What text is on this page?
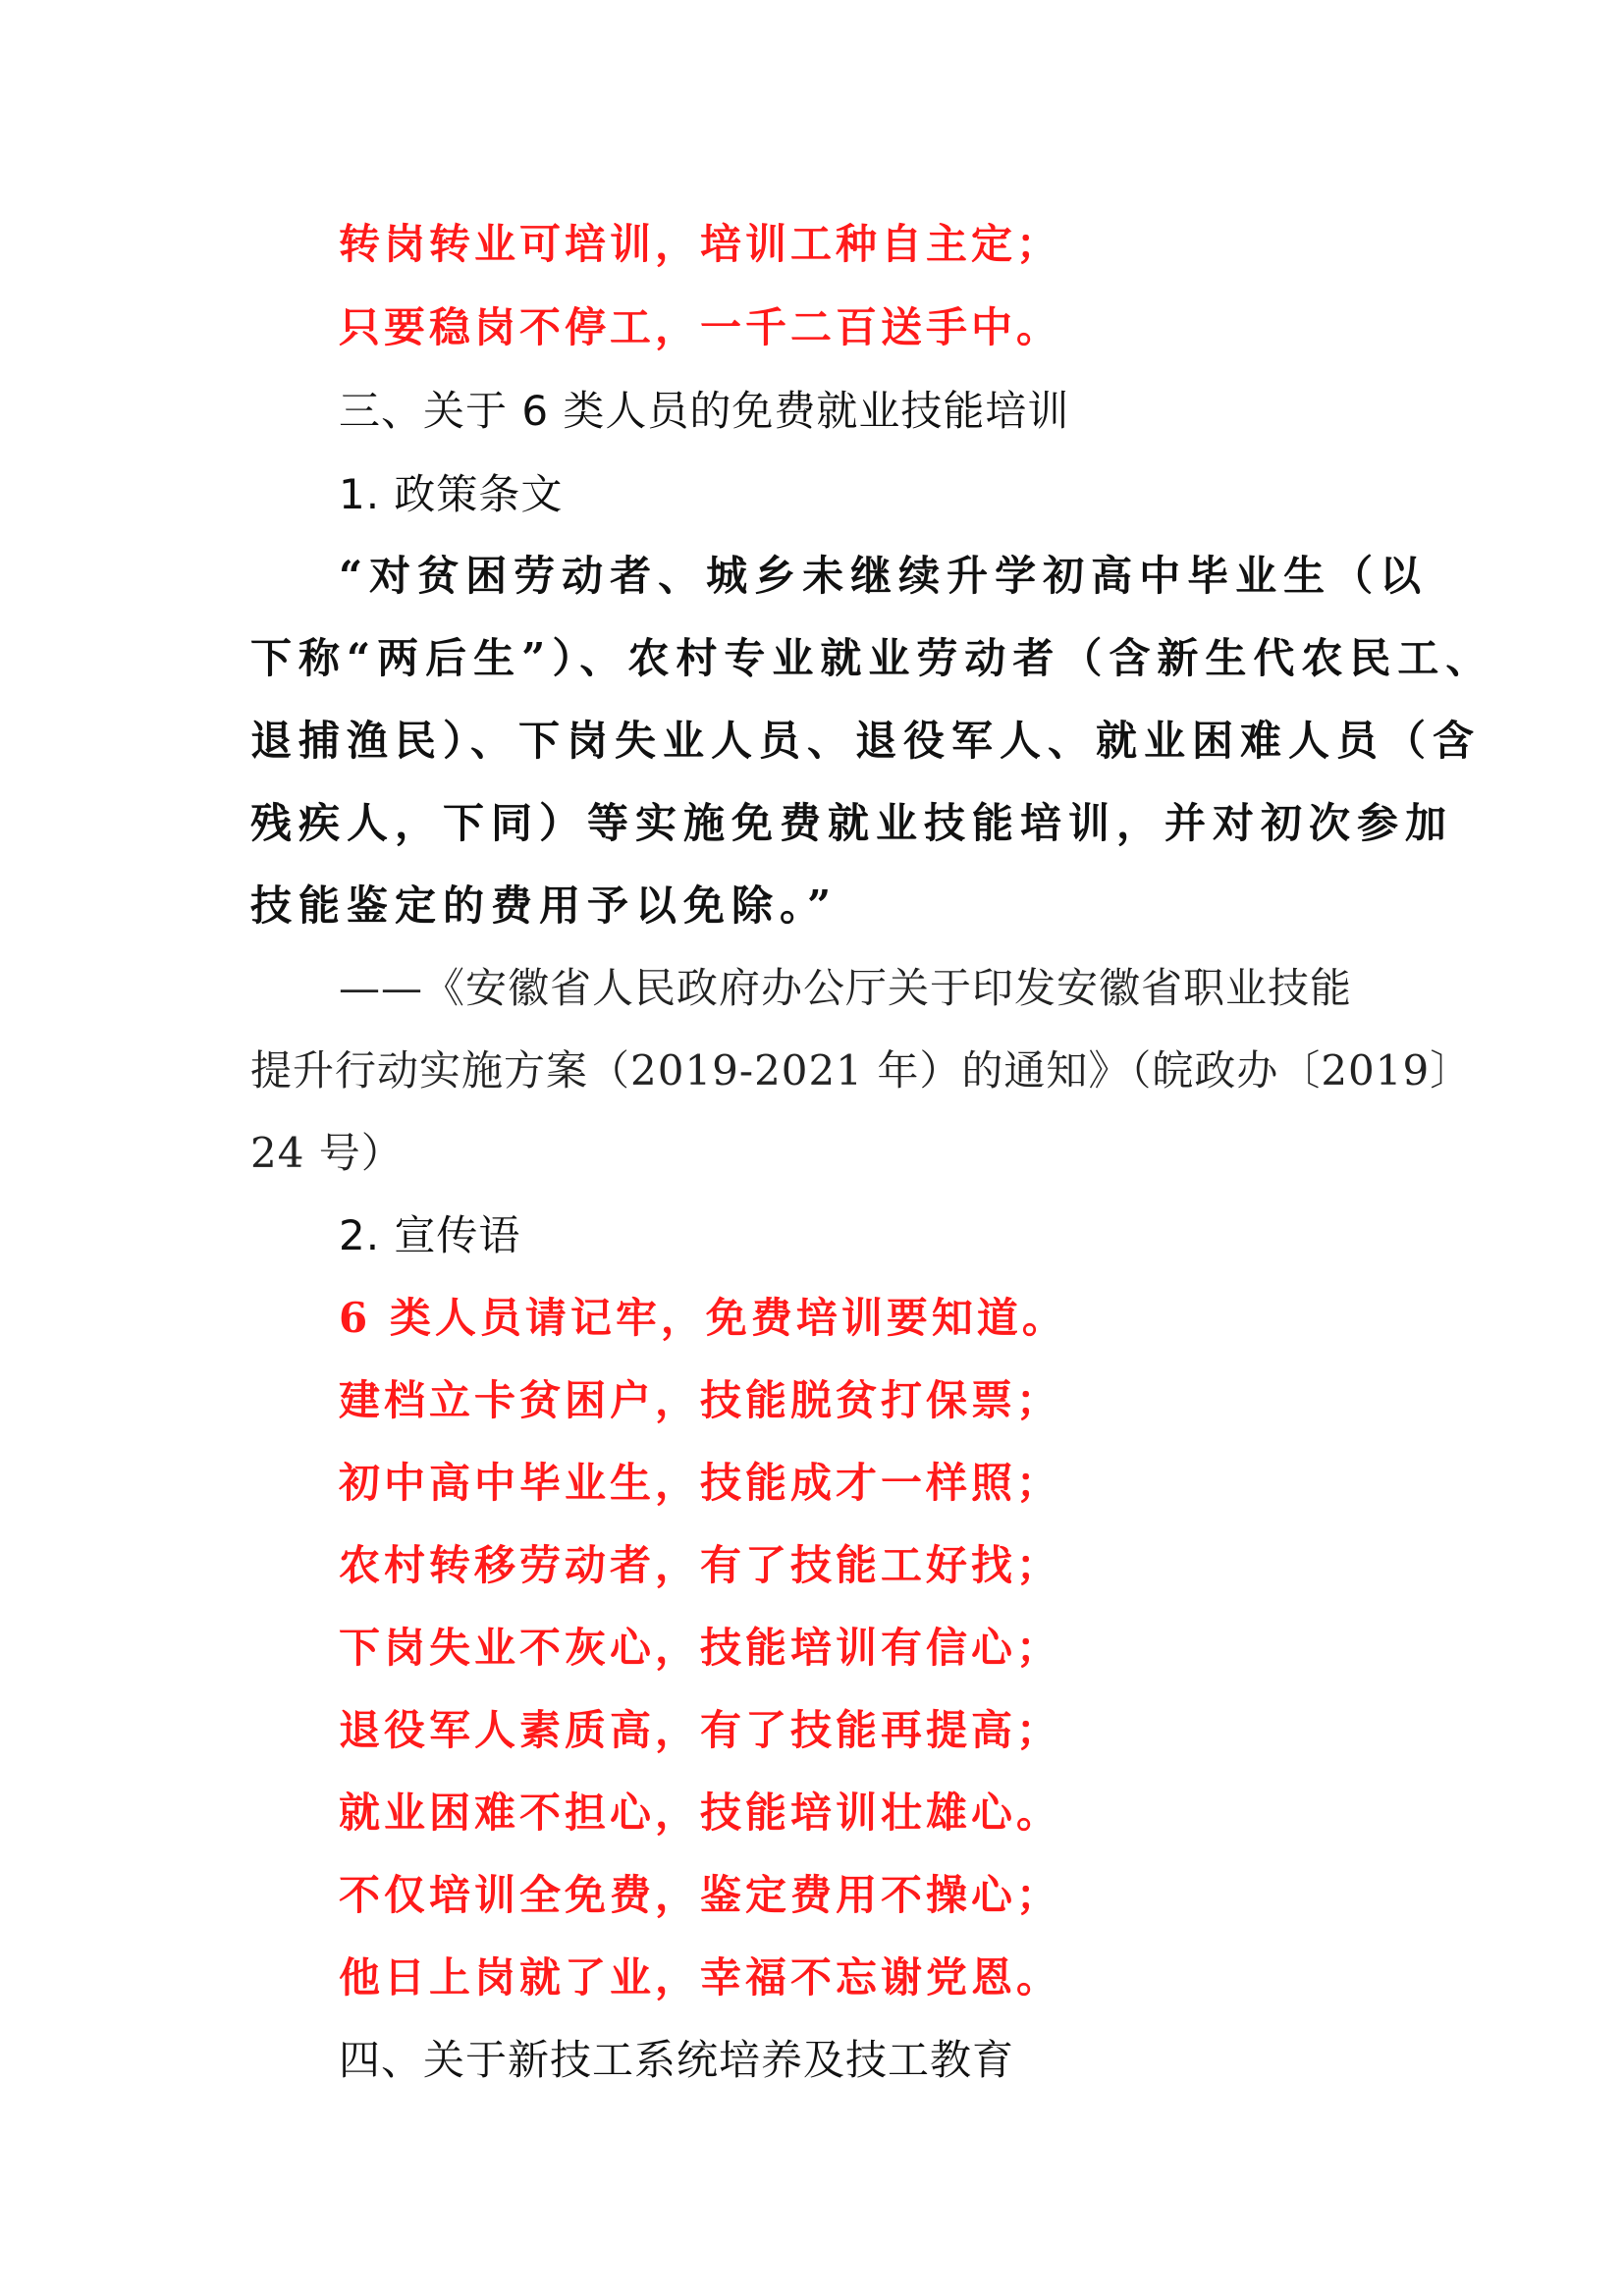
转岗转业可培训，培训工种自主定；
只要稳岗不停工，一千二百送手中。
三、关于 6 类人员的免费就业技能培训
1. 政策条文
“对贫困劳动者、城乡未继续升学初高中毕业生（以
下称“两后生”）、农村专业就业劳动者（含新生代农民工、
退捕渔民）、下岗失业人员、退役军人、就业困难人员（含
残疾人，下同）等实施免费就业技能培训，并对初次参加
技能鉴定的费用予以免除。”
——《安徽省人民政府办公厅关于印发安徽省职业技能
提升行动实施方案（2019-2021 年）的通知》（皖政办〔2019〕
24 号）
2. 宣传语
6 类人员请记牢，免费培训要知道。
建档立卡贫困户，技能脱贫打保票；
初中高中毕业生，技能成才一样照；
农村转移劳动者，有了技能工好找；
下岗失业不灰心，技能培训有信心；
退役军人素质高，有了技能再提高；
就业困难不担心，技能培训壮雄心。
不仅培训全免费，鉴定费用不操心；
他日上岗就了业，幸福不忘谢党恩。
四、关于新技工系统培养及技工教育
